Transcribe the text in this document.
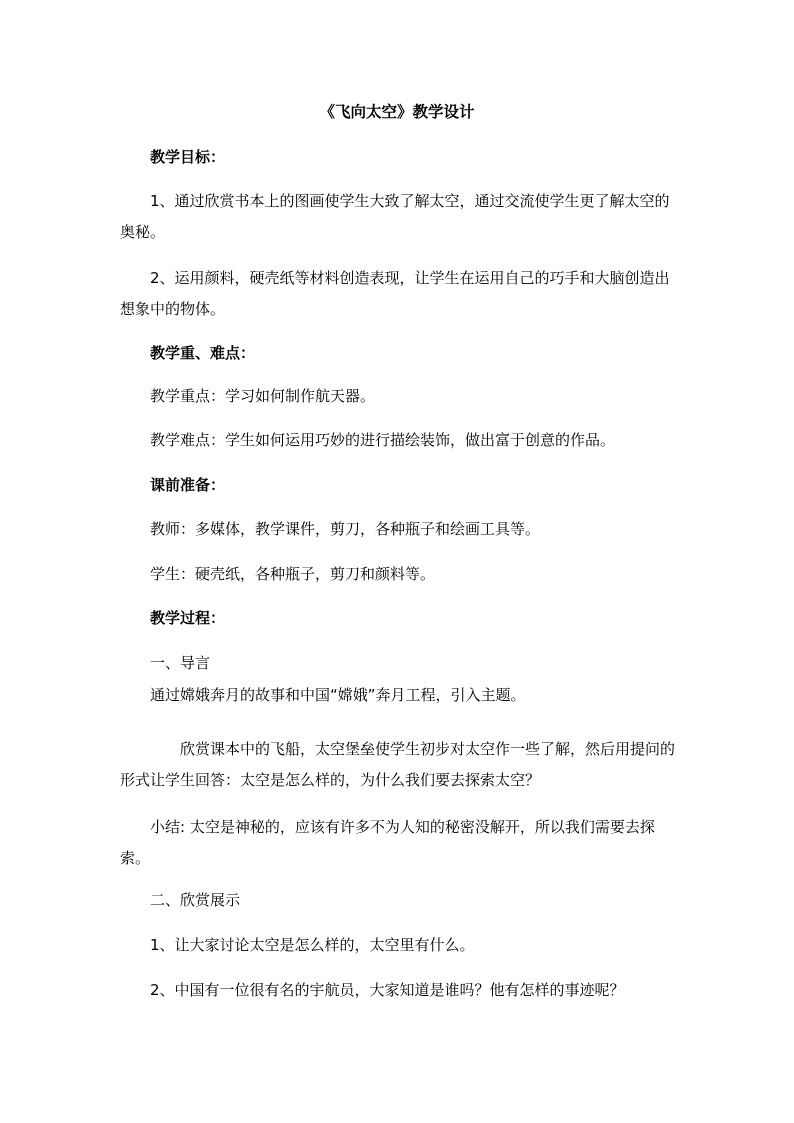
《飞向太空》教学设计

教学目标：

1、通过欣赏书本上的图画使学生大致了解太空，通过交流使学生更了解太空的奥秘。

2、运用颜料，硬壳纸等材料创造表现，让学生在运用自己的巧手和大脑创造出想象中的物体。

教学重、难点：

教学重点：学习如何制作航天器。

教学难点：学生如何运用巧妙的进行描绘装饰，做出富于创意的作品。

课前准备：

教师：多媒体，教学课件，剪刀，各种瓶子和绘画工具等。

学生：硬壳纸，各种瓶子，剪刀和颜料等。

教学过程：

一、导言

通过嫦娥奔月的故事和中国“嫦娥”奔月工程，引入主题。

欣赏课本中的飞船，太空堡垒使学生初步对太空作一些了解，然后用提问的形式让学生回答：太空是怎么样的，为什么我们要去探索太空？

小结: 太空是神秘的，应该有许多不为人知的秘密没解开，所以我们需要去探索。

二、欣赏展示

1、让大家讨论太空是怎么样的，太空里有什么。

2、中国有一位很有名的宇航员，大家知道是谁吗？他有怎样的事迹呢？
